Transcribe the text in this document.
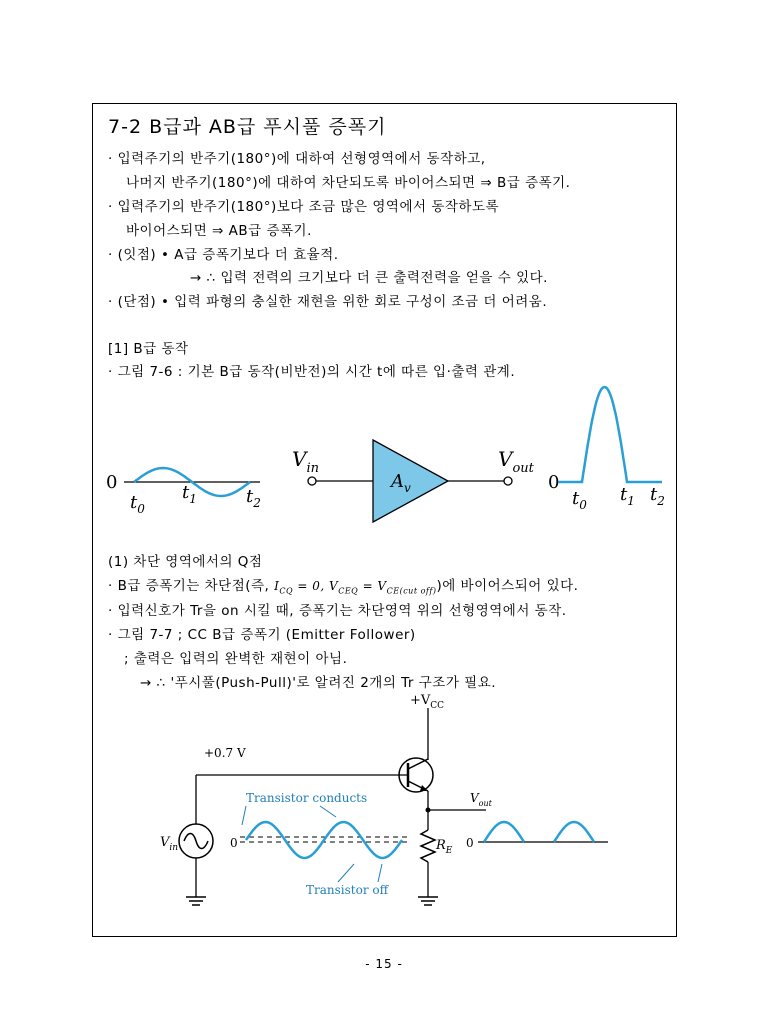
7-2 B급과 AB급 푸시풀 증폭기
· 입력주기의 반주기(180°)에 대하여 선형영역에서 동작하고,
나머지 반주기(180°)에 대하여 차단되도록 바이어스되면 ⇒ B급 증폭기.
· 입력주기의 반주기(180°)보다 조금 많은 영역에서 동작하도록
바이어스되면 ⇒ AB급 증폭기.
· (잇점) • A급 증폭기보다 더 효율적.
→ ∴ 입력 전력의 크기보다 더 큰 출력전력을 얻을 수 있다.
· (단점) • 입력 파형의 충실한 재현을 위한 회로 구성이 조금 더 어려움.
[1] B급 동작
· 그림 7-6 : 기본 B급 동작(비반전)의 시간 t에 따른 입·출력 관계.
0
$t_0$
$t_1$	$t_2$
$V_{in}$
$A_v$
$V_{out}$
0
$t_0$ $t_1$ $t_2$
(1) 차단 영역에서의 Q점
· B급 증폭기는 차단점(즉, $I_{CQ} = 0$, $V_{CEQ} = V_{CE(cut off)}$)에 바이어스되어 있다.
· 입력신호가 Tr을 on 시킬 때, 증폭기는 차단영역 위의 선형영역에서 동작.
· 그림 7-7 ; CC B급 증폭기 (Emitter Follower)
; 출력은 입력의 완벽한 재현이 아님.
→ ∴ '푸시풀(Push-Pull)'로 알려진 2개의 Tr 구조가 필요.
$+V_{CC}$
+0.7 V
$V_{in}$	0
Transistor conducts
Transistor off
$V_{out}$
$R_E$
0
- 15 -
